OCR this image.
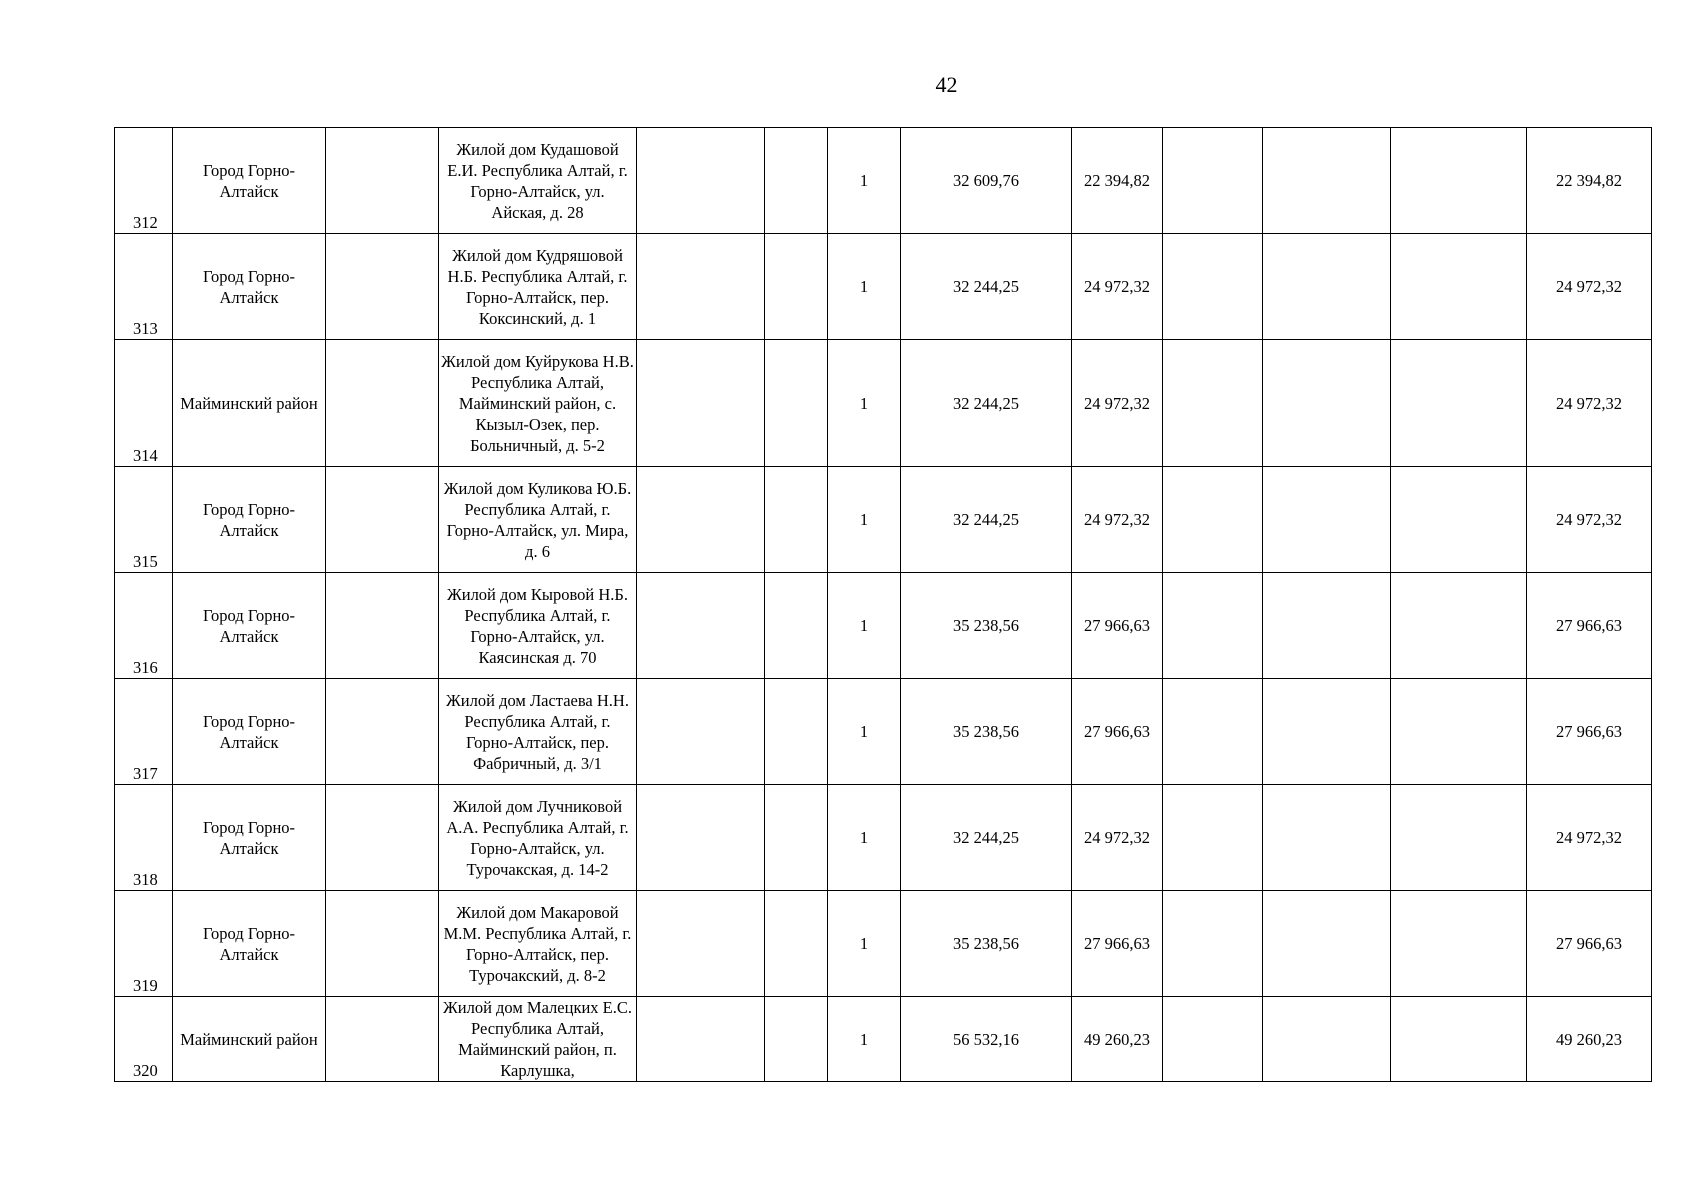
42
312	Город Горно-Алтайск		Жилой дом Кудашовой Е.И. Республика Алтай, г. Горно-Алтайск, ул. Айская, д. 28			1	32 609,76	22 394,82				22 394,82
313	Город Горно-Алтайск		Жилой дом Кудряшовой Н.Б. Республика Алтай, г. Горно-Алтайск, пер. Коксинский, д. 1			1	32 244,25	24 972,32				24 972,32
314	Майминский район		Жилой дом Куйрукова Н.В. Республика Алтай, Майминский район, с. Кызыл-Озек, пер. Больничный, д. 5-2			1	32 244,25	24 972,32				24 972,32
315	Город Горно-Алтайск		Жилой дом Куликова Ю.Б. Республика Алтай, г. Горно-Алтайск, ул. Мира, д. 6			1	32 244,25	24 972,32				24 972,32
316	Город Горно-Алтайск		Жилой дом Кыровой Н.Б. Республика Алтай, г. Горно-Алтайск, ул. Каясинская д. 70			1	35 238,56	27 966,63				27 966,63
317	Город Горно-Алтайск		Жилой дом Ластаева Н.Н. Республика Алтай, г. Горно-Алтайск, пер. Фабричный, д. 3/1			1	35 238,56	27 966,63				27 966,63
318	Город Горно-Алтайск		Жилой дом Лучниковой А.А. Республика Алтай, г. Горно-Алтайск, ул. Турочакская, д. 14-2			1	32 244,25	24 972,32				24 972,32
319	Город Горно-Алтайск		Жилой дом Макаровой М.М. Республика Алтай, г. Горно-Алтайск, пер. Турочакский, д. 8-2			1	35 238,56	27 966,63				27 966,63
320	Майминский район		Жилой дом Малецких Е.С. Республика Алтай, Майминский район, п. Карлушка,			1	56 532,16	49 260,23				49 260,23
